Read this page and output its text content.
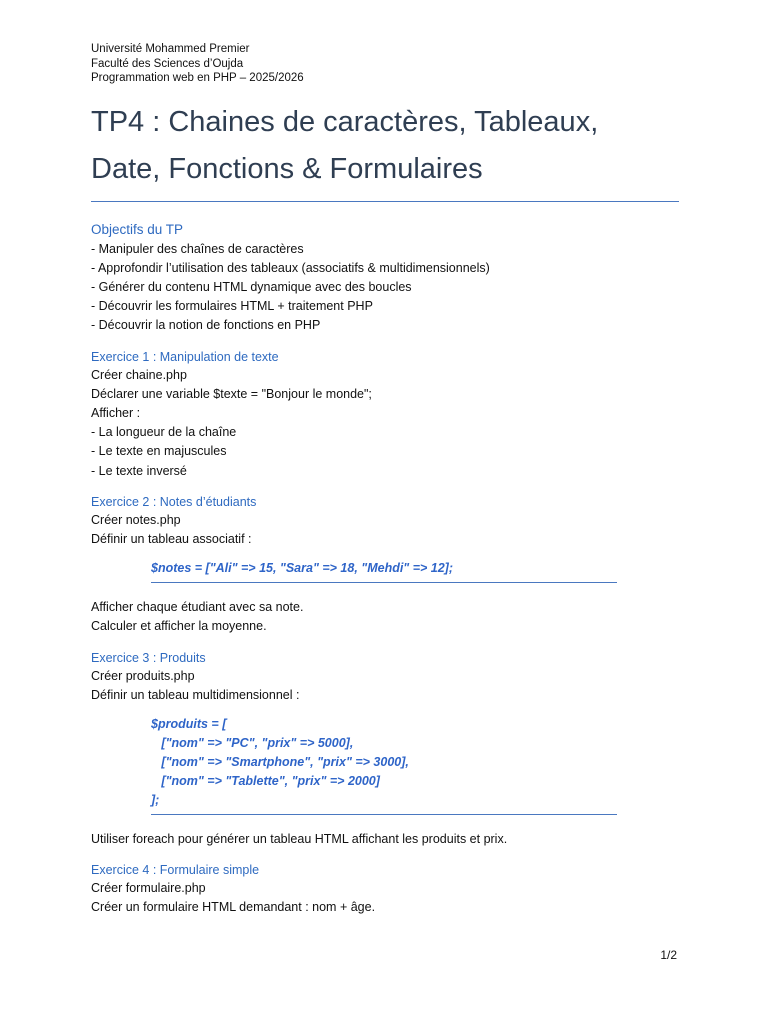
Université Mohammed Premier
Faculté des Sciences d’Oujda
Programmation web en PHP – 2025/2026
TP4 : Chaines de caractères, Tableaux,
Date, Fonctions & Formulaires
Objectifs du TP
- Manipuler des chaînes de caractères
- Approfondir l’utilisation des tableaux (associatifs & multidimensionnels)
- Générer du contenu HTML dynamique avec des boucles
- Découvrir les formulaires HTML + traitement PHP
- Découvrir la notion de fonctions en PHP
Exercice 1 : Manipulation de texte
Créer chaine.php
Déclarer une variable $texte = "Bonjour le monde";
Afficher :
- La longueur de la chaîne
- Le texte en majuscules
- Le texte inversé
Exercice 2 : Notes d’étudiants
Créer notes.php
Définir un tableau associatif :
$notes = ["Ali" => 15, "Sara" => 18, "Mehdi" => 12];
Afficher chaque étudiant avec sa note.
Calculer et afficher la moyenne.
Exercice 3 : Produits
Créer produits.php
Définir un tableau multidimensionnel :
$produits = [
["nom" => "PC", "prix" => 5000],
["nom" => "Smartphone", "prix" => 3000],
["nom" => "Tablette", "prix" => 2000]
];
Utiliser foreach pour générer un tableau HTML affichant les produits et prix.
Exercice 4 : Formulaire simple
Créer formulaire.php
Créer un formulaire HTML demandant : nom + âge.
1/2
